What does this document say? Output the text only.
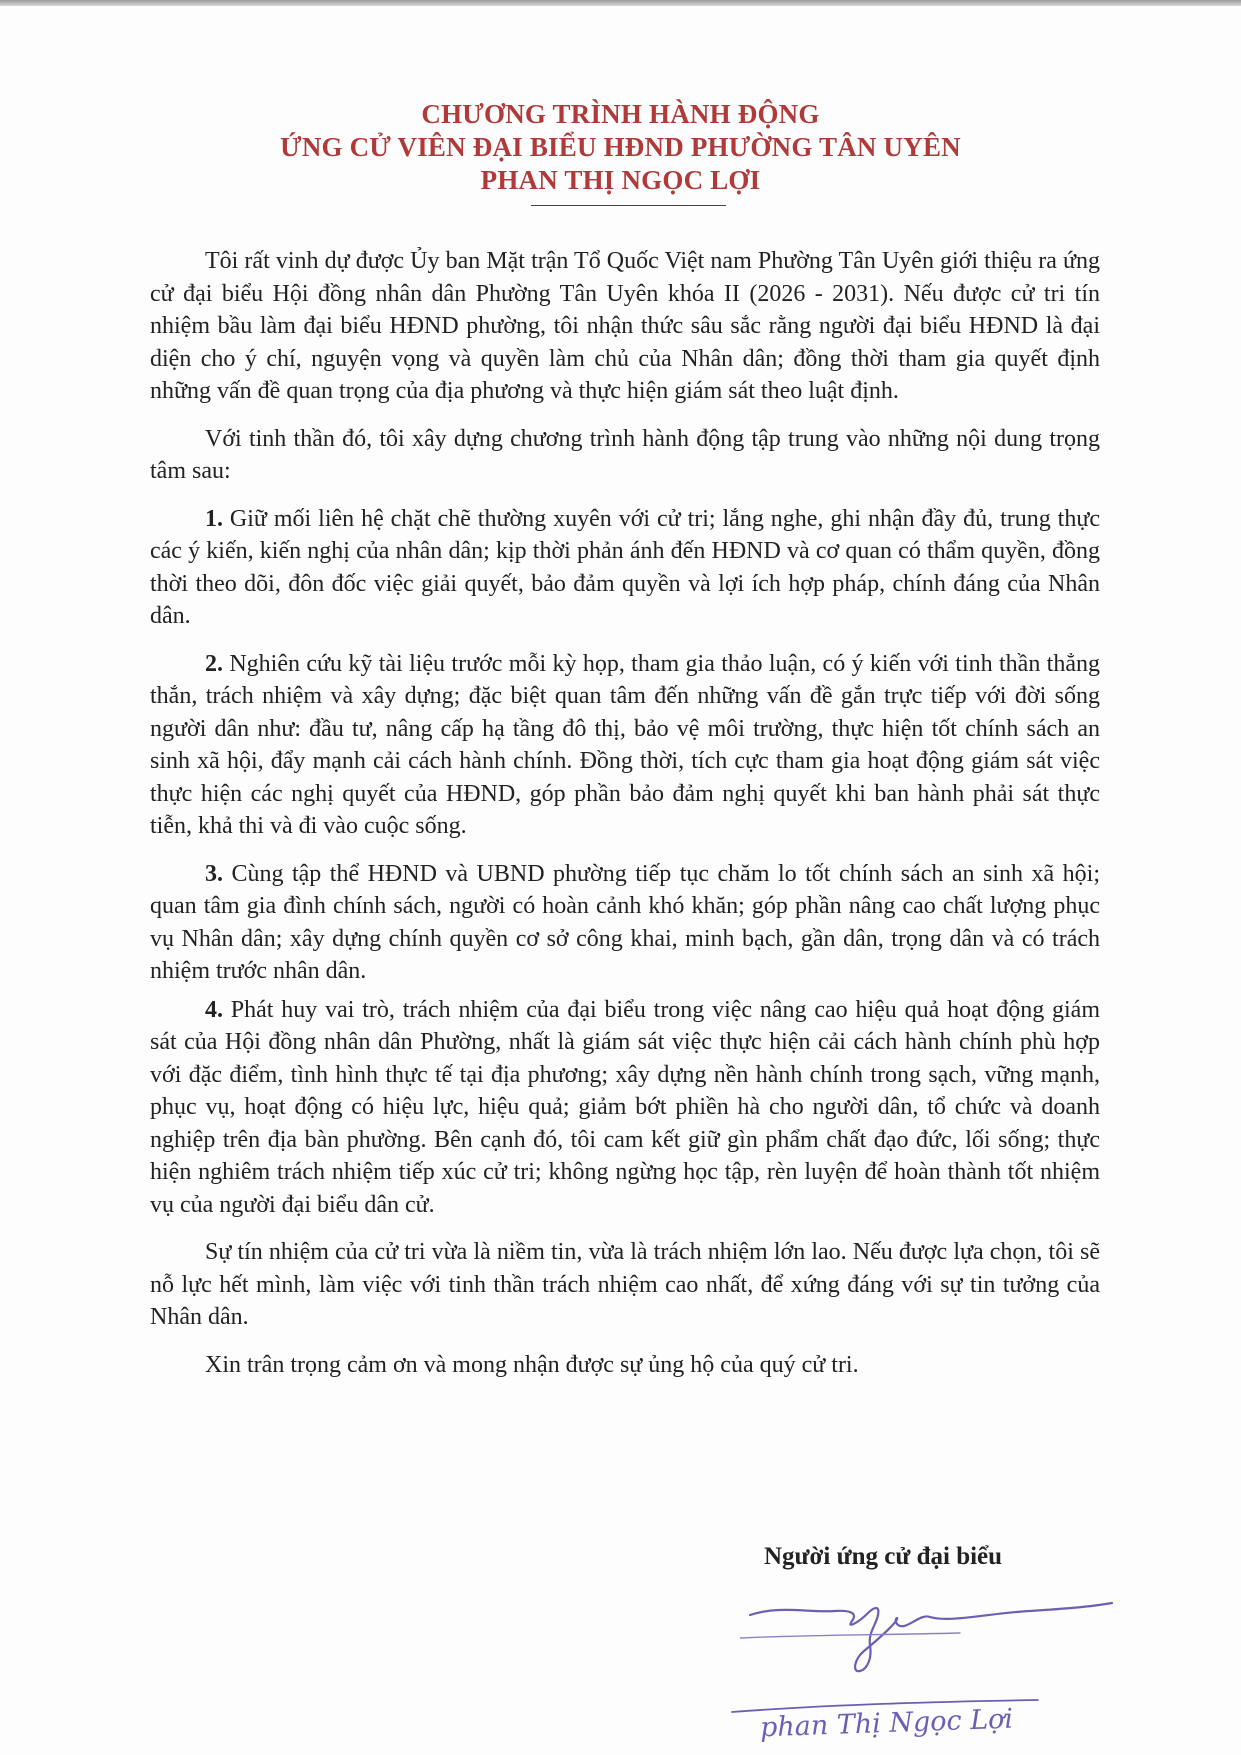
CHƯƠNG TRÌNH HÀNH ĐỘNG
ỨNG CỬ VIÊN ĐẠI BIỂU HĐND PHƯỜNG TÂN UYÊN
PHAN THỊ NGỌC LỢI

Tôi rất vinh dự được Ủy ban Mặt trận Tổ Quốc Việt nam Phường Tân Uyên giới thiệu ra ứng cử đại biểu Hội đồng nhân dân Phường Tân Uyên khóa II (2026 - 2031). Nếu được cử tri tín nhiệm bầu làm đại biểu HĐND phường, tôi nhận thức sâu sắc rằng người đại biểu HĐND là đại diện cho ý chí, nguyện vọng và quyền làm chủ của Nhân dân; đồng thời tham gia quyết định những vấn đề quan trọng của địa phương và thực hiện giám sát theo luật định.

Với tinh thần đó, tôi xây dựng chương trình hành động tập trung vào những nội dung trọng tâm sau:

1. Giữ mối liên hệ chặt chẽ thường xuyên với cử tri; lắng nghe, ghi nhận đầy đủ, trung thực các ý kiến, kiến nghị của nhân dân; kịp thời phản ánh đến HĐND và cơ quan có thẩm quyền, đồng thời theo dõi, đôn đốc việc giải quyết, bảo đảm quyền và lợi ích hợp pháp, chính đáng của Nhân dân.

2. Nghiên cứu kỹ tài liệu trước mỗi kỳ họp, tham gia thảo luận, có ý kiến với tinh thần thẳng thắn, trách nhiệm và xây dựng; đặc biệt quan tâm đến những vấn đề gắn trực tiếp với đời sống người dân như: đầu tư, nâng cấp hạ tầng đô thị, bảo vệ môi trường, thực hiện tốt chính sách an sinh xã hội, đẩy mạnh cải cách hành chính. Đồng thời, tích cực tham gia hoạt động giám sát việc thực hiện các nghị quyết của HĐND, góp phần bảo đảm nghị quyết khi ban hành phải sát thực tiễn, khả thi và đi vào cuộc sống.

3. Cùng tập thể HĐND và UBND phường tiếp tục chăm lo tốt chính sách an sinh xã hội; quan tâm gia đình chính sách, người có hoàn cảnh khó khăn; góp phần nâng cao chất lượng phục vụ Nhân dân; xây dựng chính quyền cơ sở công khai, minh bạch, gần dân, trọng dân và có trách nhiệm trước nhân dân.

4. Phát huy vai trò, trách nhiệm của đại biểu trong việc nâng cao hiệu quả hoạt động giám sát của Hội đồng nhân dân Phường, nhất là giám sát việc thực hiện cải cách hành chính phù hợp với đặc điểm, tình hình thực tế tại địa phương; xây dựng nền hành chính trong sạch, vững mạnh, phục vụ, hoạt động có hiệu lực, hiệu quả; giảm bớt phiền hà cho người dân, tổ chức và doanh nghiệp trên địa bàn phường. Bên cạnh đó, tôi cam kết giữ gìn phẩm chất đạo đức, lối sống; thực hiện nghiêm trách nhiệm tiếp xúc cử tri; không ngừng học tập, rèn luyện để hoàn thành tốt nhiệm vụ của người đại biểu dân cử.

Sự tín nhiệm của cử tri vừa là niềm tin, vừa là trách nhiệm lớn lao. Nếu được lựa chọn, tôi sẽ nỗ lực hết mình, làm việc với tinh thần trách nhiệm cao nhất, để xứng đáng với sự tin tưởng của Nhân dân.

Xin trân trọng cảm ơn và mong nhận được sự ủng hộ của quý cử tri.

Người ứng cử đại biểu
phan Thị Ngọc Lợi
